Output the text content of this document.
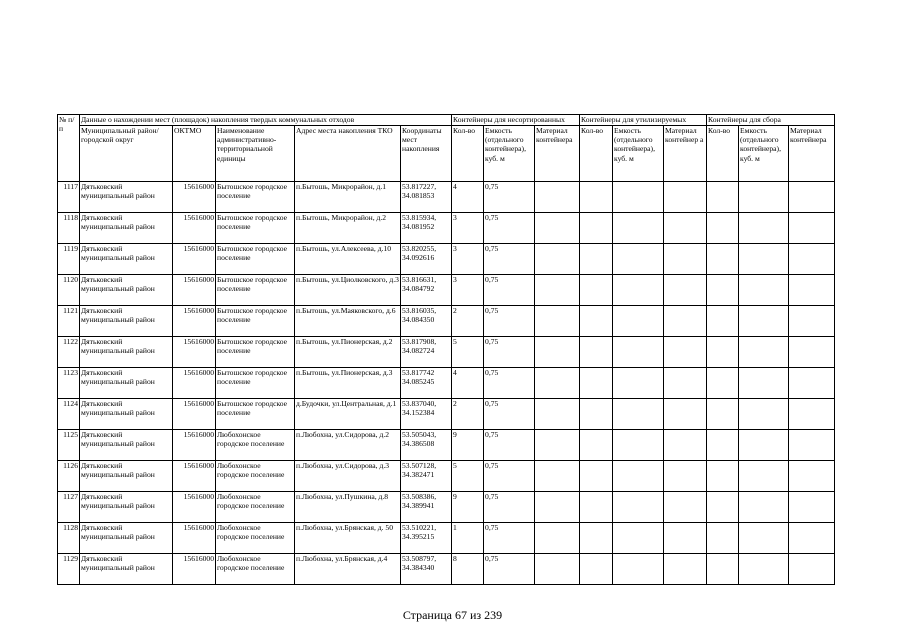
№ п/п	Данные о нахождении мест (площадок) накопления твердых коммунальных отходов					Контейнеры для несортированных			Контейнеры для утилизируемых			Контейнеры для сбора		
	Муниципальный район/городской округ	ОКТМО	Наименование административно-территориальной единицы	Адрес места накопления ТКО	Координаты мест накопления	Кол-во	Емкость (отдельного контейнера), куб. м	Материал контейнера	Кол-во	Емкость (отдельного контейнера), куб. м	Материал контейнер а	Кол-во	Емкость (отдельного контейнера), куб. м	Материал контейнера
1117	Дятьковский муниципальный район	15616000	Бытошское городское поселение	п.Бытошь, Микрорайон, д.1	53.817227, 34.081853	4	0,75							
1118	Дятьковский муниципальный район	15616000	Бытошское городское поселение	п.Бытошь, Микрорайон, д.2	53.815934, 34.081952	3	0,75							
1119	Дятьковский муниципальный район	15616000	Бытошское городское поселение	п.Бытошь, ул.Алексеева, д.10	53.820255, 34.092616	3	0,75							
1120	Дятьковский муниципальный район	15616000	Бытошское городское поселение	п.Бытошь, ул.Циолковского, д.3	53.816631, 34.084792	3	0,75							
1121	Дятьковский муниципальный район	15616000	Бытошское городское поселение	п.Бытошь, ул.Маяковского, д.6	53.816035, 34.084350	2	0,75							
1122	Дятьковский муниципальный район	15616000	Бытошское городское поселение	п.Бытошь, ул.Пионерская, д.2	53.817908, 34.082724	5	0,75							
1123	Дятьковский муниципальный район	15616000	Бытошское городское поселение	п.Бытошь, ул.Пионерская, д.3	53.817742 34.085245	4	0,75							
1124	Дятьковский муниципальный район	15616000	Бытошское городское поселение	д.Будочки, ул.Центральная, д.1	53.837040, 34.152384	2	0,75							
1125	Дятьковский муниципальный район	15616000	Любохонское городское поселение	п.Любохна, ул.Сидорова, д.2	53.505043, 34.386508	9	0,75							
1126	Дятьковский муниципальный район	15616000	Любохонское городское поселение	п.Любохна, ул.Сидорова, д.3	53.507128, 34.382471	5	0,75							
1127	Дятьковский муниципальный район	15616000	Любохонское городское поселение	п.Любохна, ул.Пушкина, д.8	53.508386, 34.389941	9	0,75							
1128	Дятьковский муниципальный район	15616000	Любохонское городское поселение	п.Любохна, ул.Брянская, д. 50	53.510221, 34.395215	1	0,75							
1129	Дятьковский муниципальный район	15616000	Любохонское городское поселение	п.Любохна, ул.Брянская, д.4	53.508797, 34.384340	8	0,75							
Страница 67 из 239
